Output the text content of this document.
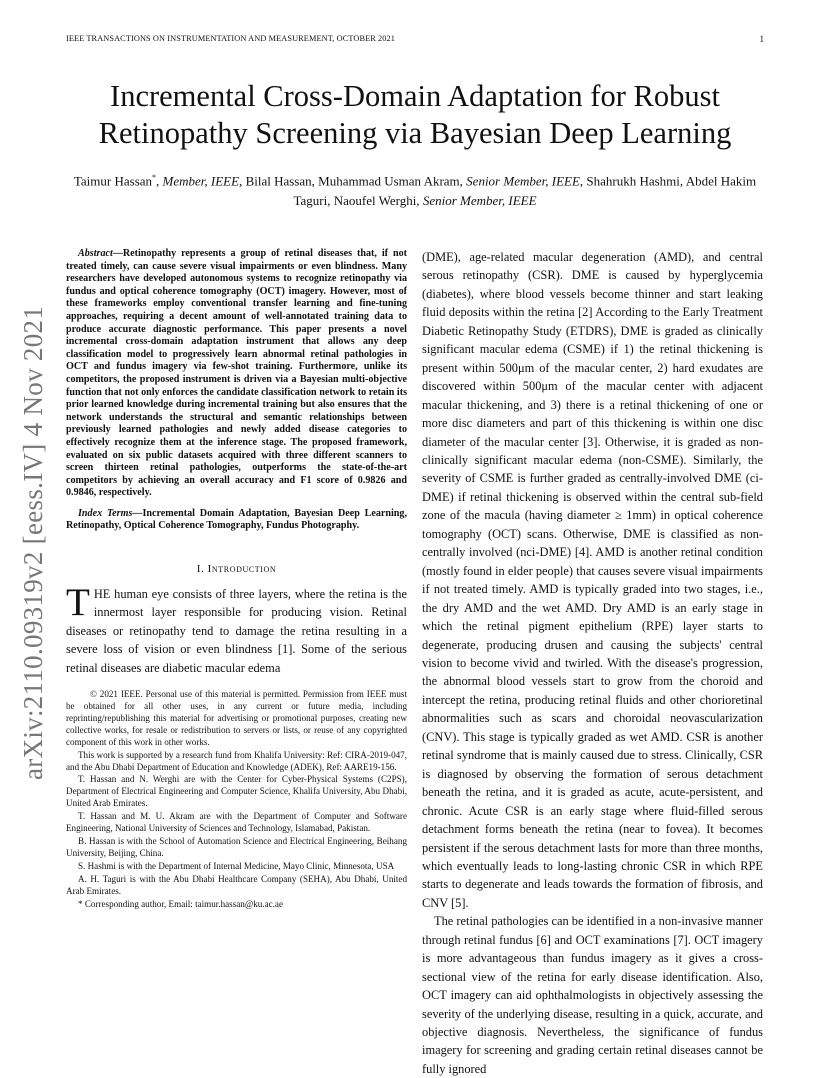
IEEE TRANSACTIONS ON INSTRUMENTATION AND MEASUREMENT, OCTOBER 2021	1
arXiv:2110.09319v2 [eess.IV] 4 Nov 2021
Incremental Cross-Domain Adaptation for Robust Retinopathy Screening via Bayesian Deep Learning
Taimur Hassan*, Member, IEEE, Bilal Hassan, Muhammad Usman Akram, Senior Member, IEEE, Shahrukh Hashmi, Abdel Hakim Taguri, Naoufel Werghi, Senior Member, IEEE

Abstract—Retinopathy represents a group of retinal diseases that, if not treated timely, can cause severe visual impairments or even blindness. Many researchers have developed autonomous systems to recognize retinopathy via fundus and optical coherence tomography (OCT) imagery. However, most of these frameworks employ conventional transfer learning and fine-tuning approaches, requiring a decent amount of well-annotated training data to produce accurate diagnostic performance. This paper presents a novel incremental cross-domain adaptation instrument that allows any deep classification model to progressively learn abnormal retinal pathologies in OCT and fundus imagery via few-shot training. Furthermore, unlike its competitors, the proposed instrument is driven via a Bayesian multi-objective function that not only enforces the candidate classification network to retain its prior learned knowledge during incremental training but also ensures that the network understands the structural and semantic relationships between previously learned pathologies and newly added disease categories to effectively recognize them at the inference stage. The proposed framework, evaluated on six public datasets acquired with three different scanners to screen thirteen retinal pathologies, outperforms the state-of-the-art competitors by achieving an overall accuracy and F1 score of 0.9826 and 0.9846, respectively.

Index Terms—Incremental Domain Adaptation, Bayesian Deep Learning, Retinopathy, Optical Coherence Tomography, Fundus Photography.

I. Introduction

THE human eye consists of three layers, where the retina is the innermost layer responsible for producing vision. Retinal diseases or retinopathy tend to damage the retina resulting in a severe loss of vision or even blindness [1]. Some of the serious retinal diseases are diabetic macular edema

© 2021 IEEE. Personal use of this material is permitted. Permission from IEEE must be obtained for all other uses, in any current or future media, including reprinting/republishing this material for advertising or promotional purposes, creating new collective works, for resale or redistribution to servers or lists, or reuse of any copyrighted component of this work in other works.

This work is supported by a research fund from Khalifa University: Ref: CIRA-2019-047, and the Abu Dhabi Department of Education and Knowledge (ADEK), Ref: AARE19-156.

T. Hassan and N. Werghi are with the Center for Cyber-Physical Systems (C2PS), Department of Electrical Engineering and Computer Science, Khalifa University, Abu Dhabi, United Arab Emirates.

T. Hassan and M. U. Akram are with the Department of Computer and Software Engineering, National University of Sciences and Technology, Islamabad, Pakistan.

B. Hassan is with the School of Automation Science and Electrical Engineering, Beihang University, Beijing, China.

S. Hashmi is with the Department of Internal Medicine, Mayo Clinic, Minnesota, USA

A. H. Taguri is with the Abu Dhabi Healthcare Company (SEHA), Abu Dhabi, United Arab Emirates.

* Corresponding author, Email: taimur.hassan@ku.ac.ae

(DME), age-related macular degeneration (AMD), and central serous retinopathy (CSR). DME is caused by hyperglycemia (diabetes), where blood vessels become thinner and start leaking fluid deposits within the retina [2] According to the Early Treatment Diabetic Retinopathy Study (ETDRS), DME is graded as clinically significant macular edema (CSME) if 1) the retinal thickening is present within 500μm of the macular center, 2) hard exudates are discovered within 500μm of the macular center with adjacent macular thickening, and 3) there is a retinal thickening of one or more disc diameters and part of this thickening is within one disc diameter of the macular center [3]. Otherwise, it is graded as non-clinically significant macular edema (non-CSME). Similarly, the severity of CSME is further graded as centrally-involved DME (ci-DME) if retinal thickening is observed within the central sub-field zone of the macula (having diameter ≥ 1mm) in optical coherence tomography (OCT) scans. Otherwise, DME is classified as non-centrally involved (nci-DME) [4]. AMD is another retinal condition (mostly found in elder people) that causes severe visual impairments if not treated timely. AMD is typically graded into two stages, i.e., the dry AMD and the wet AMD. Dry AMD is an early stage in which the retinal pigment epithelium (RPE) layer starts to degenerate, producing drusen and causing the subjects' central vision to become vivid and twirled. With the disease's progression, the abnormal blood vessels start to grow from the choroid and intercept the retina, producing retinal fluids and other chorioretinal abnormalities such as scars and choroidal neovascularization (CNV). This stage is typically graded as wet AMD. CSR is another retinal syndrome that is mainly caused due to stress. Clinically, CSR is diagnosed by observing the formation of serous detachment beneath the retina, and it is graded as acute, acute-persistent, and chronic. Acute CSR is an early stage where fluid-filled serous detachment forms beneath the retina (near to fovea). It becomes persistent if the serous detachment lasts for more than three months, which eventually leads to long-lasting chronic CSR in which RPE starts to degenerate and leads towards the formation of fibrosis, and CNV [5].

The retinal pathologies can be identified in a non-invasive manner through retinal fundus [6] and OCT examinations [7]. OCT imagery is more advantageous than fundus imagery as it gives a cross-sectional view of the retina for early disease identification. Also, OCT imagery can aid ophthalmologists in objectively assessing the severity of the underlying disease, resulting in a quick, accurate, and objective diagnosis. Nevertheless, the significance of fundus imagery for screening and grading certain retinal diseases cannot be fully ignored
